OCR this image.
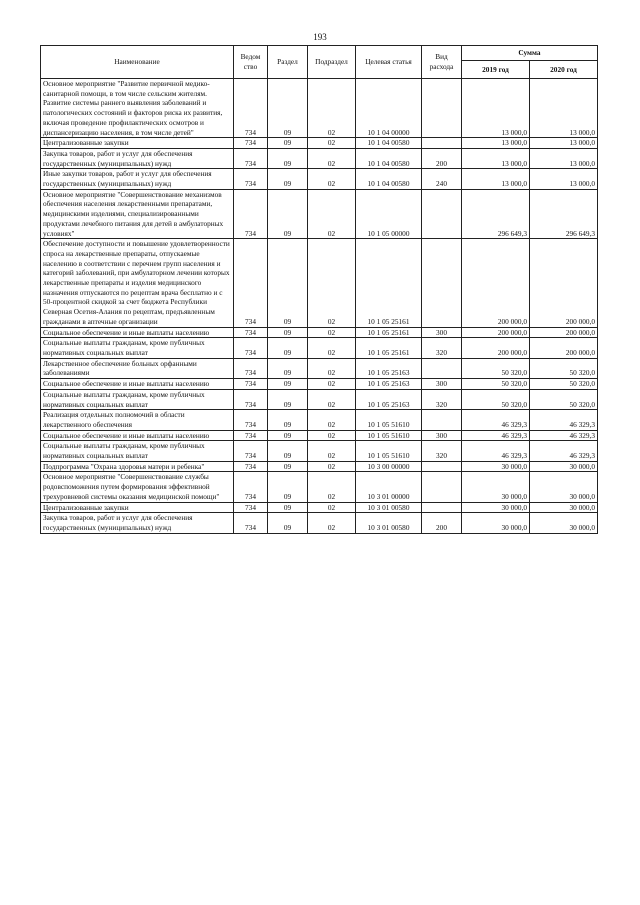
193
Наименование	Ведом ство	Раздел	Подраздел	Целевая статья	Вид расхода	Сумма	
						2019 год	2020 год
Основное мероприятие "Развитие первичной медико-санитарной помощи, в том числе сельским жителям. Развитие системы раннего выявления заболеваний и патологических состояний и факторов риска их развития, включая проведение профилактических осмотров и диспансеризацию населения, в том числе детей"	734	09	02	10 1 04 00000		13 000,0	13 000,0
Централизованные закупки	734	09	02	10 1 04 00580		13 000,0	13 000,0
Закупка товаров, работ и услуг для обеспечения государственных (муниципальных) нужд	734	09	02	10 1 04 00580	200	13 000,0	13 000,0
Иные закупки товаров, работ и услуг для обеспечения государственных (муниципальных) нужд	734	09	02	10 1 04 00580	240	13 000,0	13 000,0
Основное мероприятие "Совершенствование механизмов обеспечения населения лекарственными препаратами, медицинскими изделиями, специализированными продуктами лечебного питания для детей в амбулаторных условиях"	734	09	02	10 1 05 00000		296 649,3	296 649,3
Обеспечение доступности и повышение удовлетворенности спроса на лекарственные препараты, отпускаемые населению в соответствии с перечнем групп населения и категорий заболеваний, при амбулаторном лечении которых лекарственные препараты и изделия медицинского назначения отпускаются по рецептам врача бесплатно и с 50-процентной скидкой за счет бюджета Республики Северная Осетия-Алания по рецептам, предъявленным гражданами в аптечные организации	734	09	02	10 1 05 25161		200 000,0	200 000,0
Социальное обеспечение и иные выплаты населению	734	09	02	10 1 05 25161	300	200 000,0	200 000,0
Социальные выплаты гражданам, кроме публичных нормативных социальных выплат	734	09	02	10 1 05 25161	320	200 000,0	200 000,0
Лекарственное обеспечение больных орфанными заболеваниями	734	09	02	10 1 05 25163		50 320,0	50 320,0
Социальное обеспечение и иные выплаты населению	734	09	02	10 1 05 25163	300	50 320,0	50 320,0
Социальные выплаты гражданам, кроме публичных нормативных социальных выплат	734	09	02	10 1 05 25163	320	50 320,0	50 320,0
Реализация отдельных полномочий в области лекарственного обеспечения	734	09	02	10 1 05 51610		46 329,3	46 329,3
Социальное обеспечение и иные выплаты населению	734	09	02	10 1 05 51610	300	46 329,3	46 329,3
Социальные выплаты гражданам, кроме публичных нормативных социальных выплат	734	09	02	10 1 05 51610	320	46 329,3	46 329,3
Подпрограмма "Охрана здоровья матери и ребенка"	734	09	02	10 3 00 00000		30 000,0	30 000,0
Основное мероприятие "Совершенствование службы родовспоможения путем формирования эффективной трехуровневой системы оказания медицинской помощи"	734	09	02	10 3 01 00000		30 000,0	30 000,0
Централизованные закупки	734	09	02	10 3 01 00580		30 000,0	30 000,0
Закупка товаров, работ и услуг для обеспечения государственных (муниципальных) нужд	734	09	02	10 3 01 00580	200	30 000,0	30 000,0
